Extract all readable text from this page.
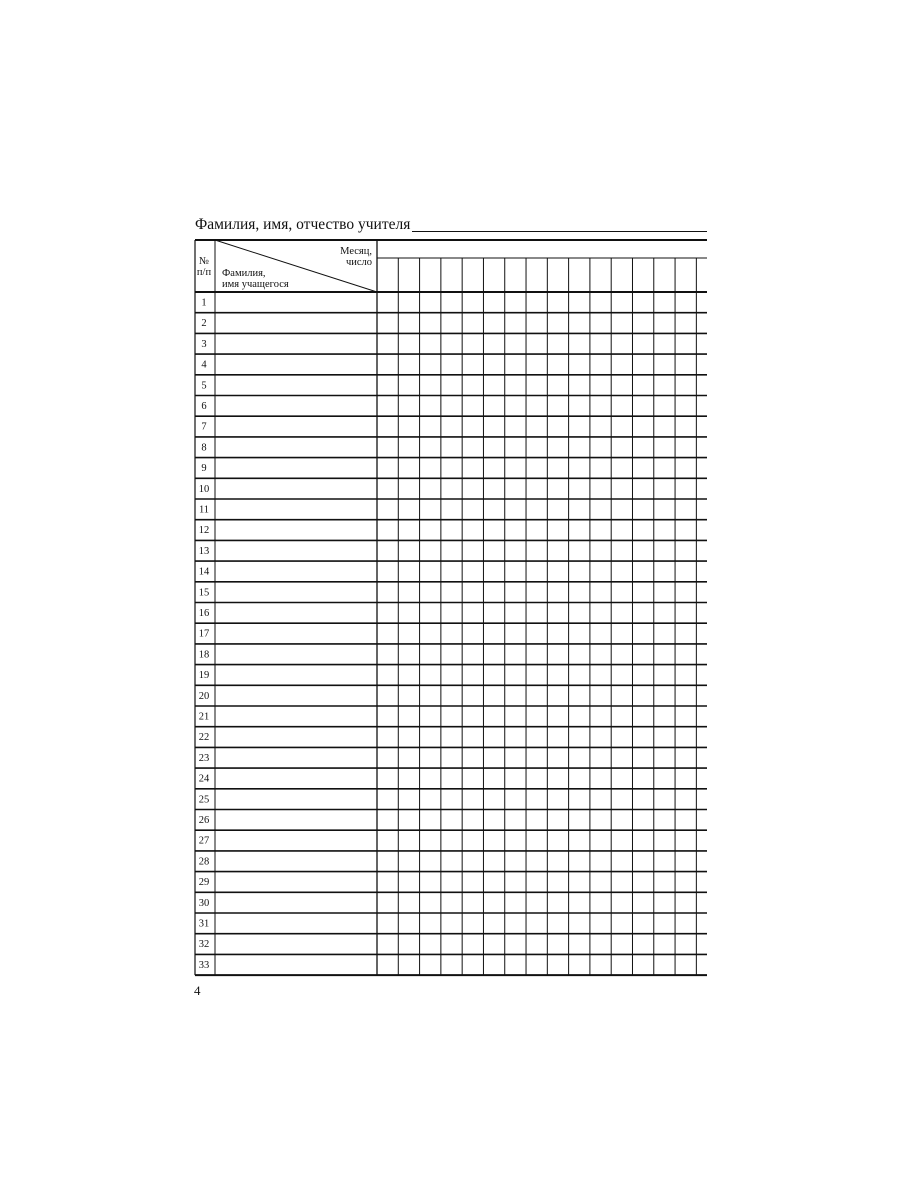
Фамилия, имя, отчество учителя
№
п/п Фамилия,
имя учащегося
Месяц,
число
1
2
3
4
5
6
7
8
9
10
11
12
13
14
15
16
17
18
19
20
21
22
23
24
25
26
27
28
29
30
31
32
33
4
